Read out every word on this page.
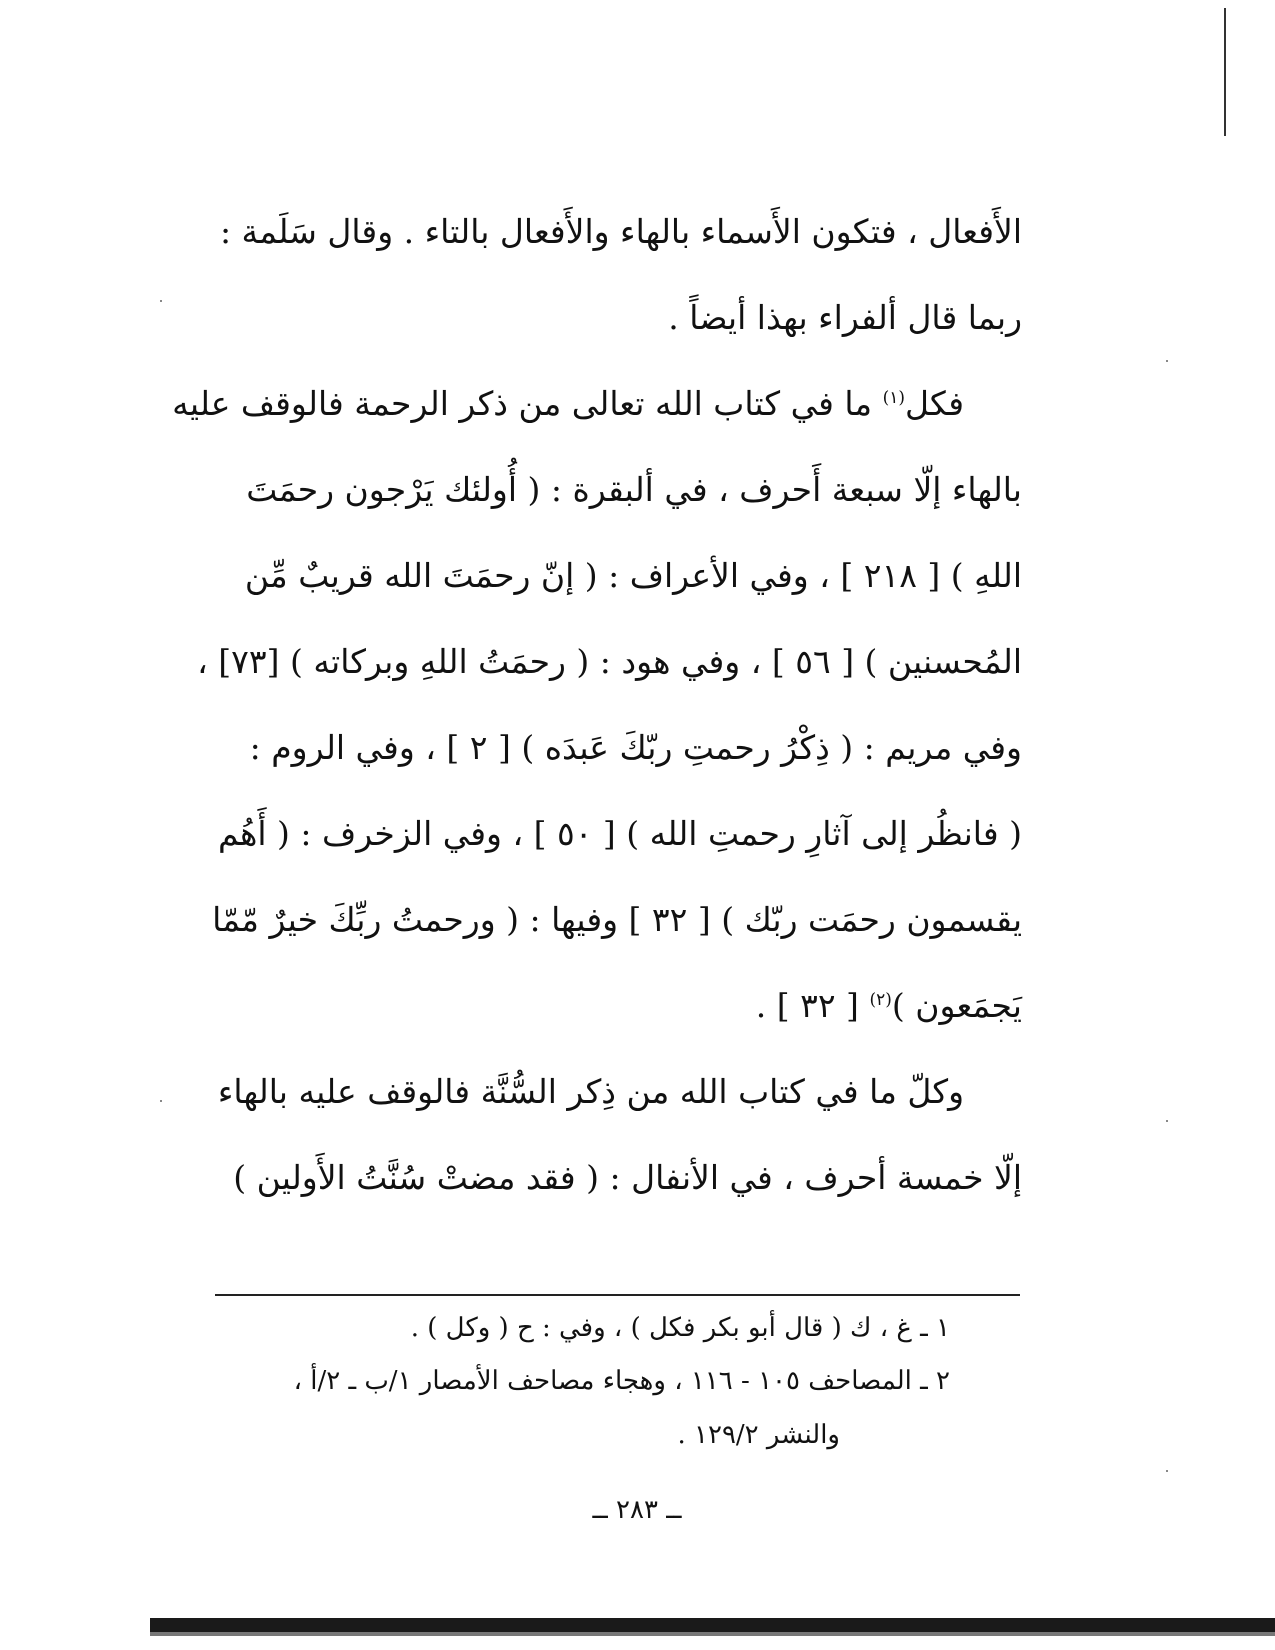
الأَفعال ، فتكون الأَسماء بالهاء والأَفعال بالتاء . وقال سَلَمة :
ربما قال ألفراء بهذا أيضاً .
فكل$^{(١)}$ ما في كتاب الله تعالى من ذكر الرحمة فالوقف عليه
بالهاء إلّا سبعة أَحرف ، في ألبقرة : ( أُولئك يَرْجون رحمَتَ
اللهِ ) [ ٢١٨ ] ، وفي الأعراف : ( إنّ رحمَتَ الله قريبٌ مِّن
المُحسنين ) [ ٥٦ ] ، وفي هود : ( رحمَتُ اللهِ وبركاته ) [٧٣] ،
وفي مريم : ( ذِكْرُ رحمتِ ربّكَ عَبدَه ) [ ٢ ] ، وفي الروم :
( فانظُر إلى آثارِ رحمتِ الله ) [ ٥٠ ] ، وفي الزخرف : ( أَهُم
يقسمون رحمَت ربّك ) [ ٣٢ ] وفيها : ( ورحمتُ ربِّكَ خيرٌ مّمّا
يَجمَعون )$^{(٢)}$ [ ٣٢ ] .
وكلّ ما في كتاب الله من ذِكر السُّنَّة فالوقف عليه بالهاء
إلّا خمسة أحرف ، في الأنفال : ( فقد مضتْ سُنَّتُ الأَولين )
١ ـ غ ، ك ( قال أبو بكر فكل ) ، وفي : ح ( وكل ) .
٢ ـ المصاحف ١٠٥ - ١١٦ ، وهجاء مصاحف الأمصار ١/ب ـ ٢/أ ،
والنشر ١٢٩/٢ .
ــ ٢٨٣ ــ
